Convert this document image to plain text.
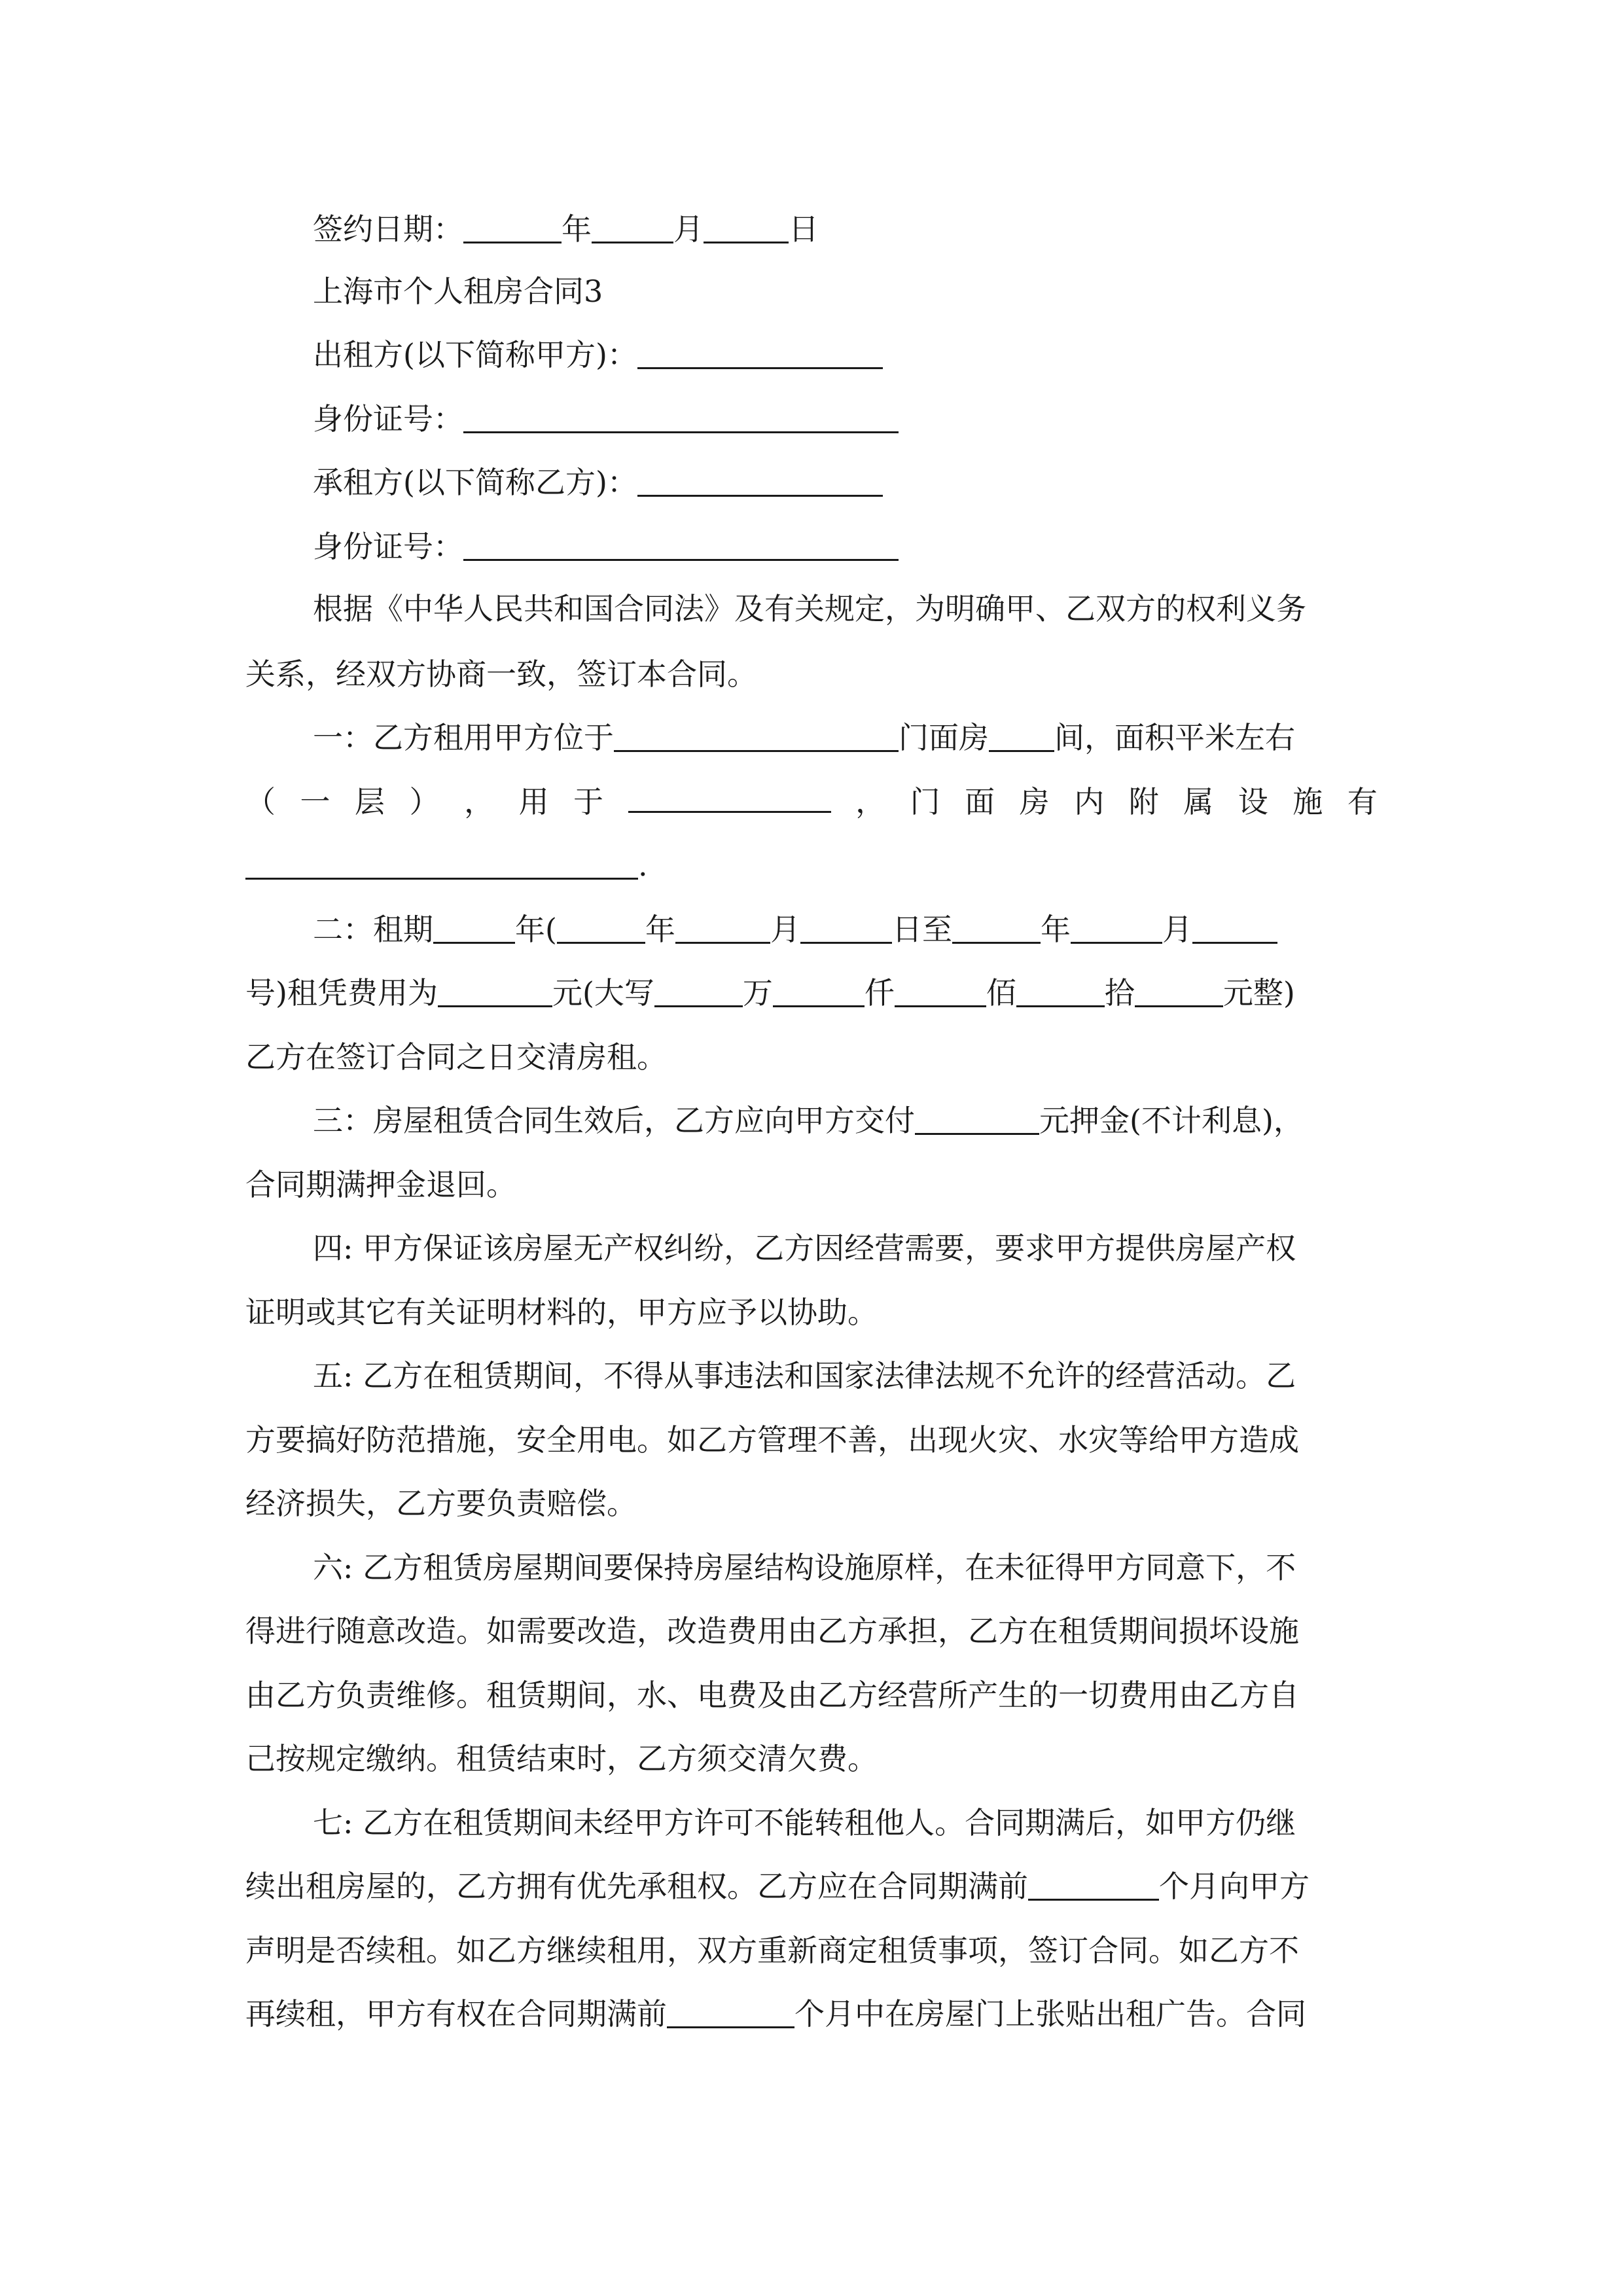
签约日期：	年	月	日
上海市个人租房合同3
出租方(以下简称甲方)：
身份证号：
承租方(以下简称乙方)：
身份证号：
根据《中华人民共和国合同法》及有关规定，为明确甲、乙双方的权利义务
关系，经双方协商一致，签订本合同。
一：乙方租用甲方位于	门面房 间，面积平米左右
（ 一 层 ） ， 用 于	， 门 面 房 内 附 属 设 施 有
.
二：租期	年(	年	月	日至	年	月
号)租凭费用为	元(大写	万	仟	佰	拾	元整)
乙方在签订合同之日交清房租。
三：房屋租赁合同生效后，乙方应向甲方交付	元押金(不计利息)，
合同期满押金退回。
四: 甲方保证该房屋无产权纠纷，乙方因经营需要，要求甲方提供房屋产权
证明或其它有关证明材料的，甲方应予以协助。
五: 乙方在租赁期间，不得从事违法和国家法律法规不允许的经营活动。乙
方要搞好防范措施，安全用电。如乙方管理不善，出现火灾、水灾等给甲方造成
经济损失，乙方要负责赔偿。
六: 乙方租赁房屋期间要保持房屋结构设施原样，在未征得甲方同意下，不
得进行随意改造。如需要改造，改造费用由乙方承担，乙方在租赁期间损坏设施
由乙方负责维修。租赁期间，水、电费及由乙方经营所产生的一切费用由乙方自
己按规定缴纳。租赁结束时，乙方须交清欠费。
七: 乙方在租赁期间未经甲方许可不能转租他人。合同期满后，如甲方仍继
续出租房屋的，乙方拥有优先承租权。乙方应在合同期满前	个月向甲方
声明是否续租。如乙方继续租用，双方重新商定租赁事项，签订合同。如乙方不
再续租，甲方有权在合同期满前	个月中在房屋门上张贴出租广告。合同
